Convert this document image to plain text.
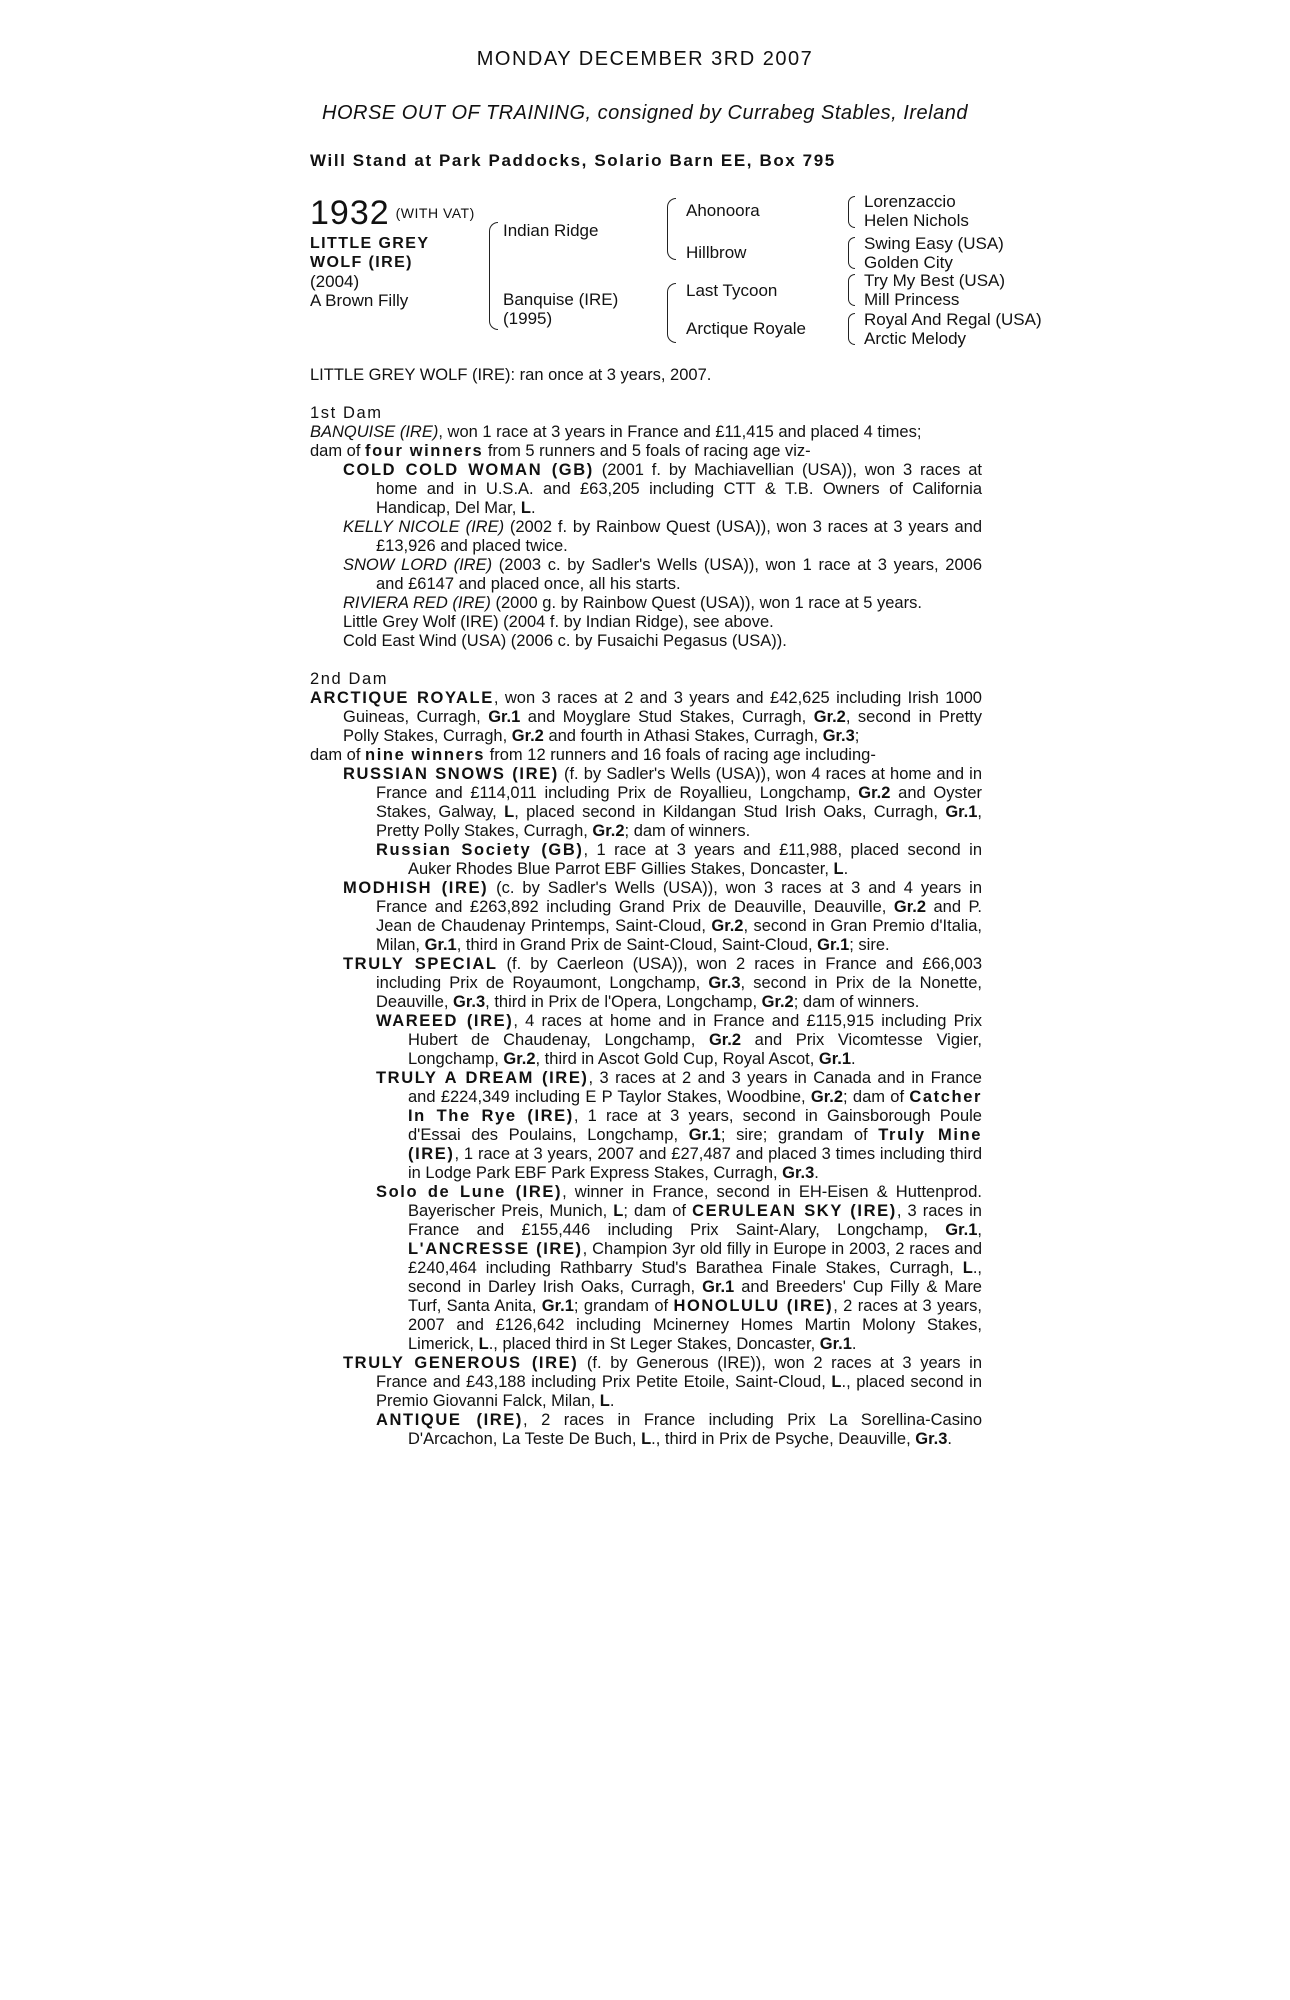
MONDAY DECEMBER 3RD 2007
HORSE OUT OF TRAINING, consigned by Currabeg Stables, Ireland
Will Stand at Park Paddocks, Solario Barn EE, Box 795
1932 (WITH VAT)
LITTLE GREY
WOLF (IRE)
(2004)
A Brown Filly
Indian Ridge
Banquise (IRE)
(1995)
Ahonoora
Hillbrow
Last Tycoon
Arctique Royale
Lorenzaccio
Helen Nichols
Swing Easy (USA)
Golden City
Try My Best (USA)
Mill Princess
Royal And Regal (USA)
Arctic Melody

LITTLE GREY WOLF (IRE): ran once at 3 years, 2007.

1st Dam

BANQUISE (IRE), won 1 race at 3 years in France and £11,415 and placed 4 times;

dam of four winners from 5 runners and 5 foals of racing age viz-

COLD COLD WOMAN (GB) (2001 f. by Machiavellian (USA)), won 3 races at home and in U.S.A. and £63,205 including CTT & T.B. Owners of California Handicap, Del Mar, L.

KELLY NICOLE (IRE) (2002 f. by Rainbow Quest (USA)), won 3 races at 3 years and £13,926 and placed twice.

SNOW LORD (IRE) (2003 c. by Sadler's Wells (USA)), won 1 race at 3 years, 2006 and £6147 and placed once, all his starts.

RIVIERA RED (IRE) (2000 g. by Rainbow Quest (USA)), won 1 race at 5 years.

Little Grey Wolf (IRE) (2004 f. by Indian Ridge), see above.

Cold East Wind (USA) (2006 c. by Fusaichi Pegasus (USA)).

2nd Dam

ARCTIQUE ROYALE, won 3 races at 2 and 3 years and £42,625 including Irish 1000 Guineas, Curragh, Gr.1 and Moyglare Stud Stakes, Curragh, Gr.2, second in Pretty Polly Stakes, Curragh, Gr.2 and fourth in Athasi Stakes, Curragh, Gr.3;

dam of nine winners from 12 runners and 16 foals of racing age including-

RUSSIAN SNOWS (IRE) (f. by Sadler's Wells (USA)), won 4 races at home and in France and £114,011 including Prix de Royallieu, Longchamp, Gr.2 and Oyster Stakes, Galway, L, placed second in Kildangan Stud Irish Oaks, Curragh, Gr.1, Pretty Polly Stakes, Curragh, Gr.2; dam of winners.

Russian Society (GB), 1 race at 3 years and £11,988, placed second in Auker Rhodes Blue Parrot EBF Gillies Stakes, Doncaster, L.

MODHISH (IRE) (c. by Sadler's Wells (USA)), won 3 races at 3 and 4 years in France and £263,892 including Grand Prix de Deauville, Deauville, Gr.2 and P. Jean de Chaudenay Printemps, Saint-Cloud, Gr.2, second in Gran Premio d'Italia, Milan, Gr.1, third in Grand Prix de Saint-Cloud, Saint-Cloud, Gr.1; sire.

TRULY SPECIAL (f. by Caerleon (USA)), won 2 races in France and £66,003 including Prix de Royaumont, Longchamp, Gr.3, second in Prix de la Nonette, Deauville, Gr.3, third in Prix de l'Opera, Longchamp, Gr.2; dam of winners.

WAREED (IRE), 4 races at home and in France and £115,915 including Prix Hubert de Chaudenay, Longchamp, Gr.2 and Prix Vicomtesse Vigier, Longchamp, Gr.2, third in Ascot Gold Cup, Royal Ascot, Gr.1.

TRULY A DREAM (IRE), 3 races at 2 and 3 years in Canada and in France and £224,349 including E P Taylor Stakes, Woodbine, Gr.2; dam of Catcher In The Rye (IRE), 1 race at 3 years, second in Gainsborough Poule d'Essai des Poulains, Longchamp, Gr.1; sire; grandam of Truly Mine (IRE), 1 race at 3 years, 2007 and £27,487 and placed 3 times including third in Lodge Park EBF Park Express Stakes, Curragh, Gr.3.

Solo de Lune (IRE), winner in France, second in EH-Eisen & Huttenprod. Bayerischer Preis, Munich, L; dam of CERULEAN SKY (IRE), 3 races in France and £155,446 including Prix Saint-Alary, Longchamp, Gr.1, L'ANCRESSE (IRE), Champion 3yr old filly in Europe in 2003, 2 races and £240,464 including Rathbarry Stud's Barathea Finale Stakes, Curragh, L., second in Darley Irish Oaks, Curragh, Gr.1 and Breeders' Cup Filly & Mare Turf, Santa Anita, Gr.1; grandam of HONOLULU (IRE), 2 races at 3 years, 2007 and £126,642 including Mcinerney Homes Martin Molony Stakes, Limerick, L., placed third in St Leger Stakes, Doncaster, Gr.1.

TRULY GENEROUS (IRE) (f. by Generous (IRE)), won 2 races at 3 years in France and £43,188 including Prix Petite Etoile, Saint-Cloud, L., placed second in Premio Giovanni Falck, Milan, L.

ANTIQUE (IRE), 2 races in France including Prix La Sorellina-Casino D'Arcachon, La Teste De Buch, L., third in Prix de Psyche, Deauville, Gr.3.
